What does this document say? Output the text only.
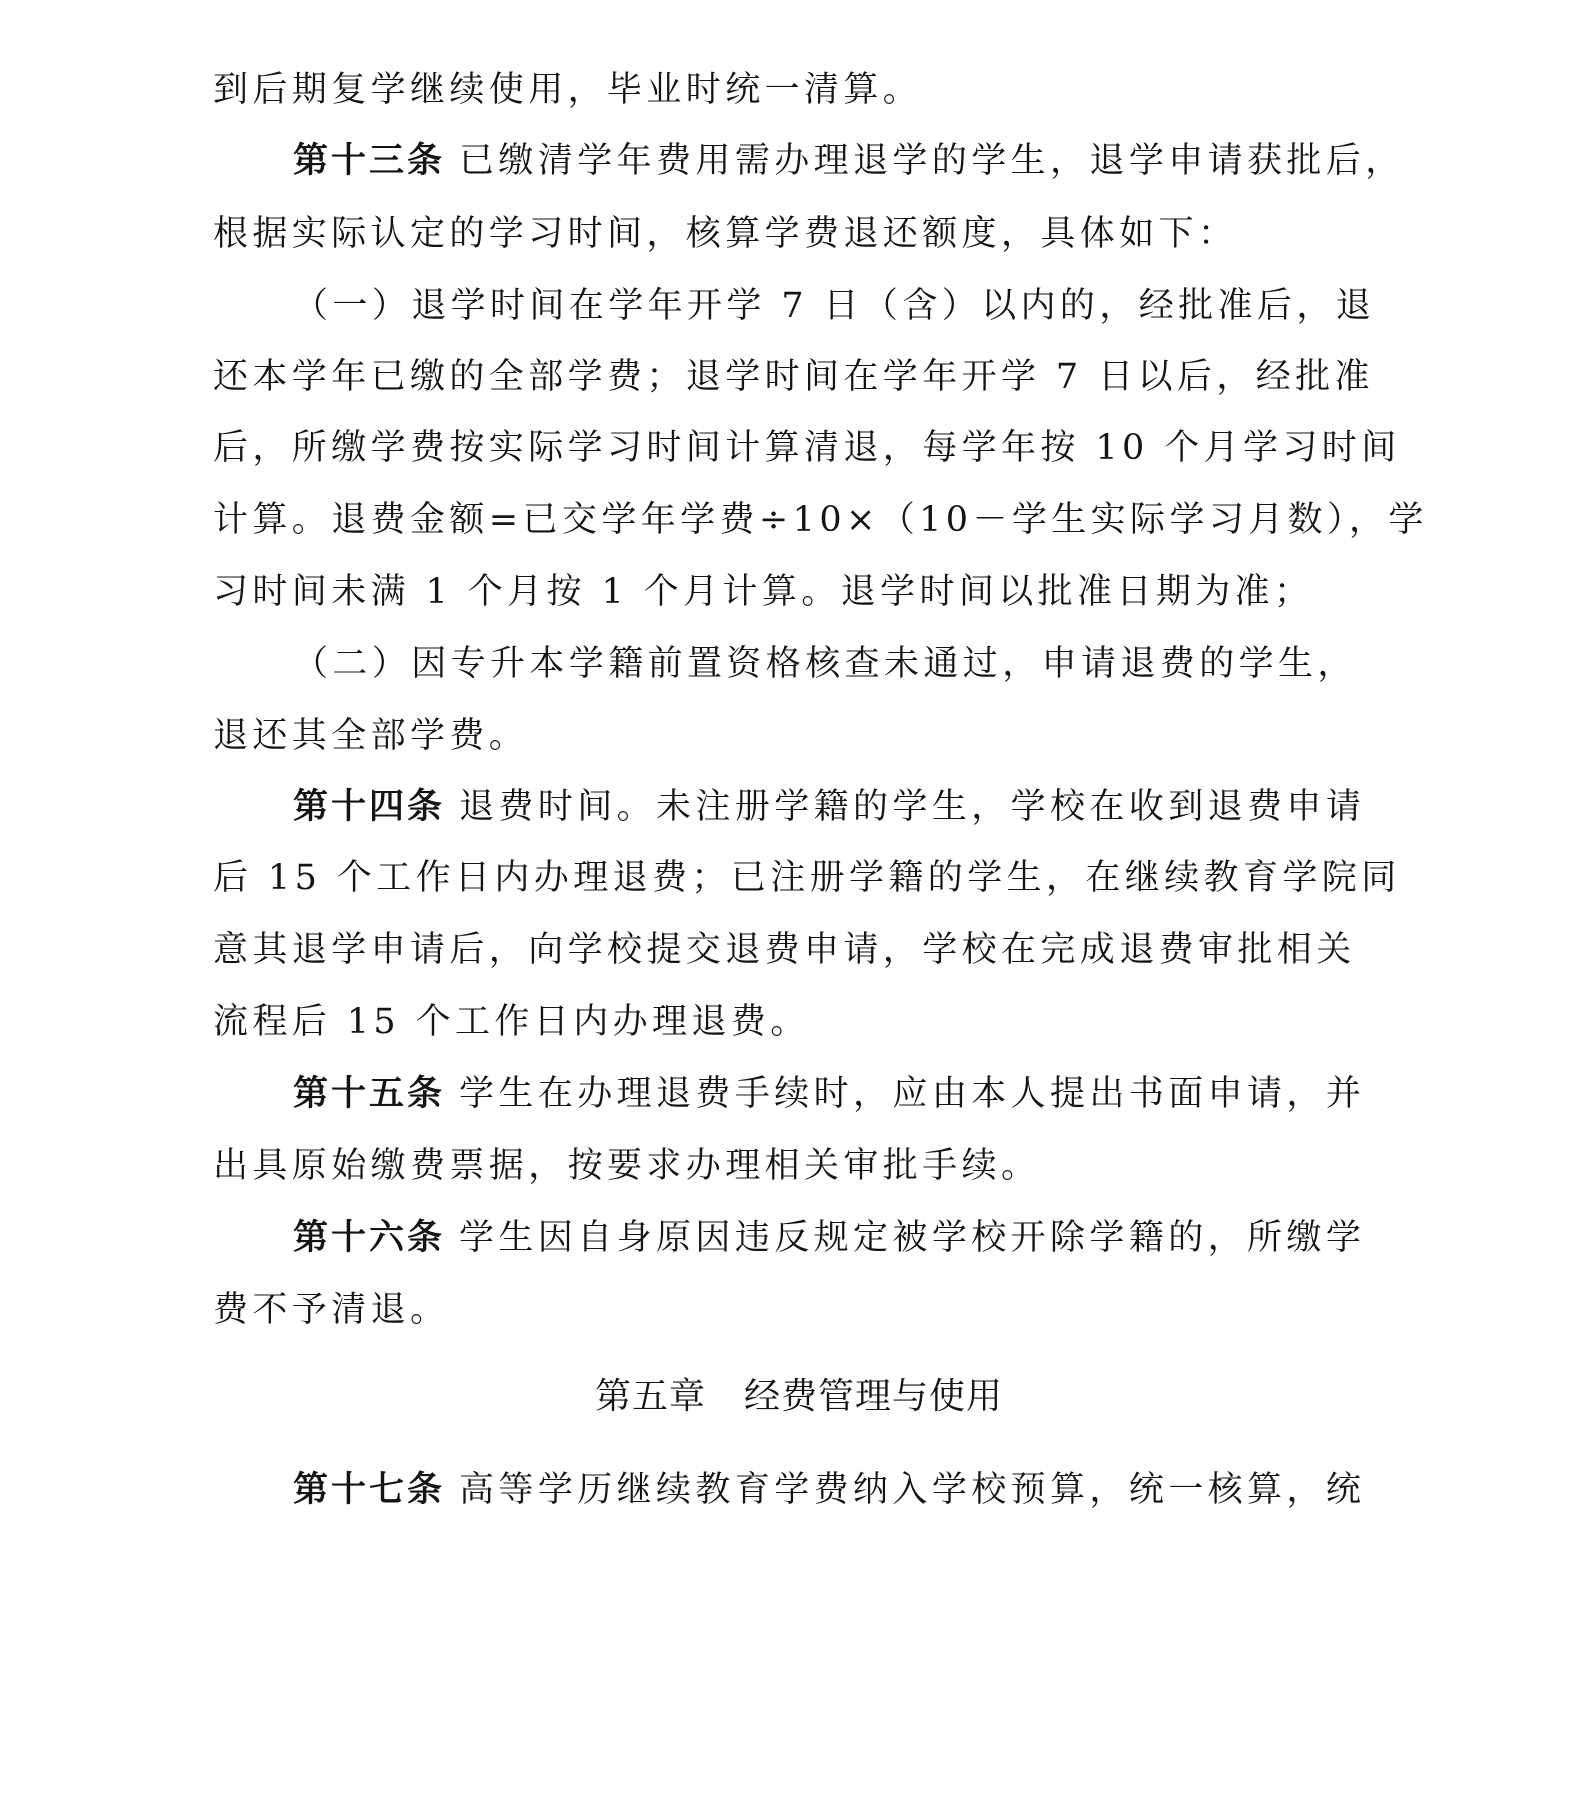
到后期复学继续使用，毕业时统一清算。
第十三条 已缴清学年费用需办理退学的学生，退学申请获批后，
根据实际认定的学习时间，核算学费退还额度，具体如下：
（一）退学时间在学年开学 7 日（含）以内的，经批准后，退
还本学年已缴的全部学费；退学时间在学年开学 7 日以后，经批准
后，所缴学费按实际学习时间计算清退，每学年按 10 个月学习时间
计算。退费金额=已交学年学费÷10×（10－学生实际学习月数），学
习时间未满 1 个月按 1 个月计算。退学时间以批准日期为准；
（二）因专升本学籍前置资格核查未通过，申请退费的学生，
退还其全部学费。
第十四条 退费时间。未注册学籍的学生，学校在收到退费申请
后 15 个工作日内办理退费；已注册学籍的学生，在继续教育学院同
意其退学申请后，向学校提交退费申请，学校在完成退费审批相关
流程后 15 个工作日内办理退费。
第十五条 学生在办理退费手续时，应由本人提出书面申请，并
出具原始缴费票据，按要求办理相关审批手续。
第十六条 学生因自身原因违反规定被学校开除学籍的，所缴学
费不予清退。
第五章 经费管理与使用
第十七条 高等学历继续教育学费纳入学校预算，统一核算，统
